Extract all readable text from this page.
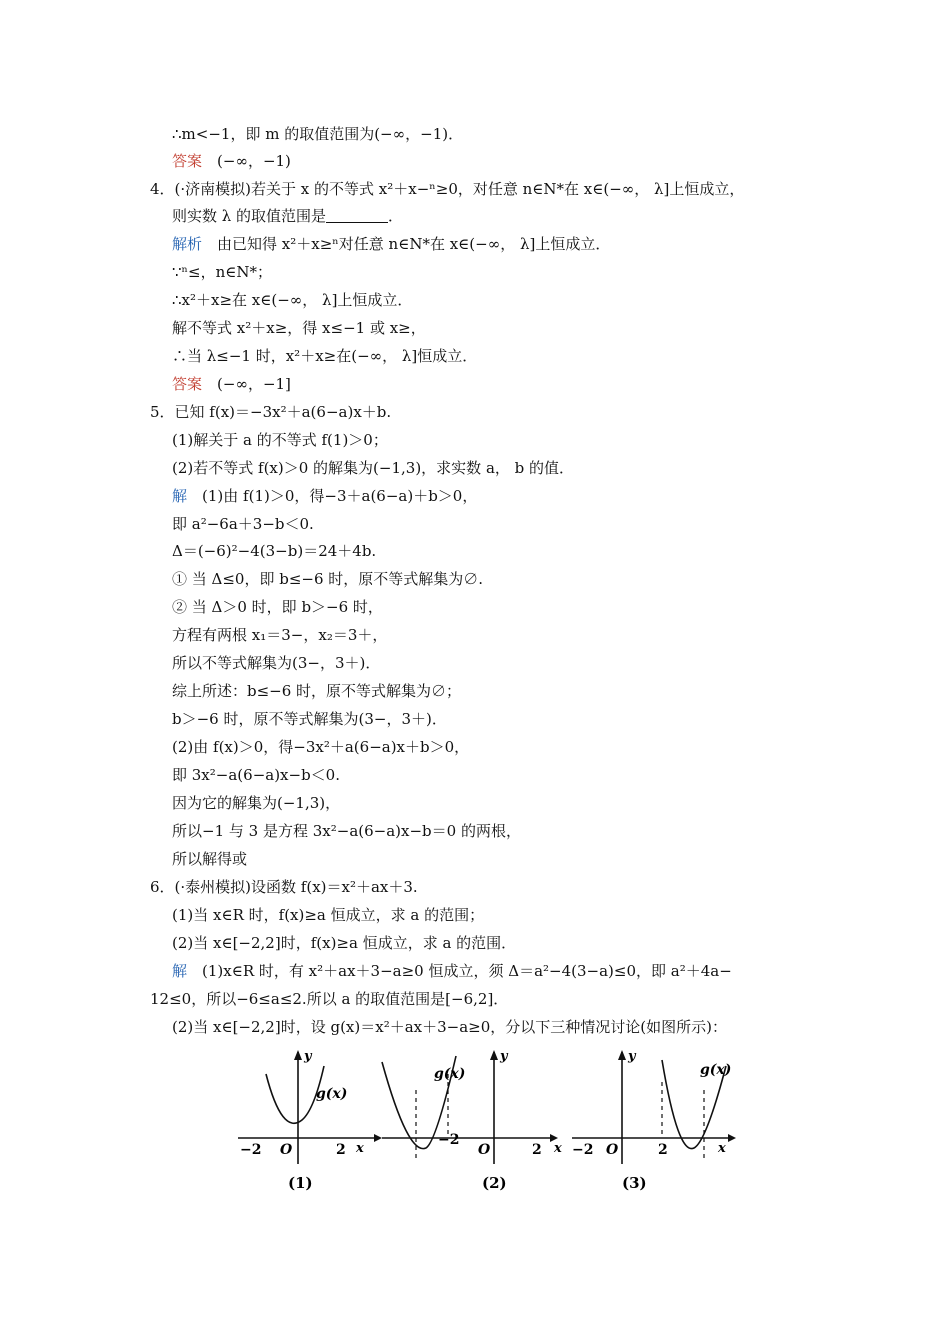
∴m<−1，即 m 的取值范围为(−∞，−1)．
答案　 (−∞，−1)
4．(·济南模拟)若关于 x 的不等式 x²＋x−ⁿ≥0，对任意 n∈N*在 x∈(−∞， λ]上恒成立，
则实数 λ 的取值范围是	．
解析　 由已知得 x²＋x≥ⁿ对任意 n∈N*在 x∈(−∞， λ]上恒成立．
∵ⁿ≤，n∈N*；
∴x²＋x≥在 x∈(−∞， λ]上恒成立．
解不等式 x²＋x≥，得 x≤−1 或 x≥，
∴当 λ≤−1 时，x²＋x≥在(−∞， λ]恒成立．
答案　 (−∞，−1]
5．已知 f(x)＝−3x²＋a(6−a)x＋b.
(1)解关于 a 的不等式 f(1)＞0；
(2)若不等式 f(x)＞0 的解集为(−1,3)，求实数 a， b 的值．
解　 (1)由 f(1)＞0，得−3＋a(6−a)＋b＞0，
即 a²−6a＋3−b＜0.
Δ＝(−6)²−4(3−b)＝24＋4b.
① 当 Δ≤0，即 b≤−6 时，原不等式解集为∅.
② 当 Δ＞0 时，即 b＞−6 时，
方程有两根 x₁＝3−，x₂＝3＋，
所以不等式解集为(3−，3＋)．
综上所述：b≤−6 时，原不等式解集为∅；
b＞−6 时，原不等式解集为(3−，3＋)．
(2)由 f(x)＞0，得−3x²＋a(6−a)x＋b＞0，
即 3x²−a(6−a)x−b＜0.
因为它的解集为(−1,3)，
所以−1 与 3 是方程 3x²−a(6−a)x−b＝0 的两根，
所以解得或
6．(·泰州模拟)设函数 f(x)＝x²＋ax＋3.
(1)当 x∈R 时，f(x)≥a 恒成立，求 a 的范围；
(2)当 x∈[−2,2]时，f(x)≥a 恒成立，求 a 的范围．
解　 (1)x∈R 时，有 x²＋ax＋3−a≥0 恒成立，须 Δ＝a²−4(3−a)≤0，即 a²＋4a−
12≤0，所以−6≤a≤2.所以 a 的取值范围是[−6,2]．
(2)当 x∈[−2,2]时，设 g(x)＝x²＋ax＋3−a≥0，分以下三种情况讨论(如图所示)：
y
x
O
−2	2
g(x)
(1)
y
x
O
−2
2
g(x)
(2)
y
x
O
−2	2
g(x)
(3)
